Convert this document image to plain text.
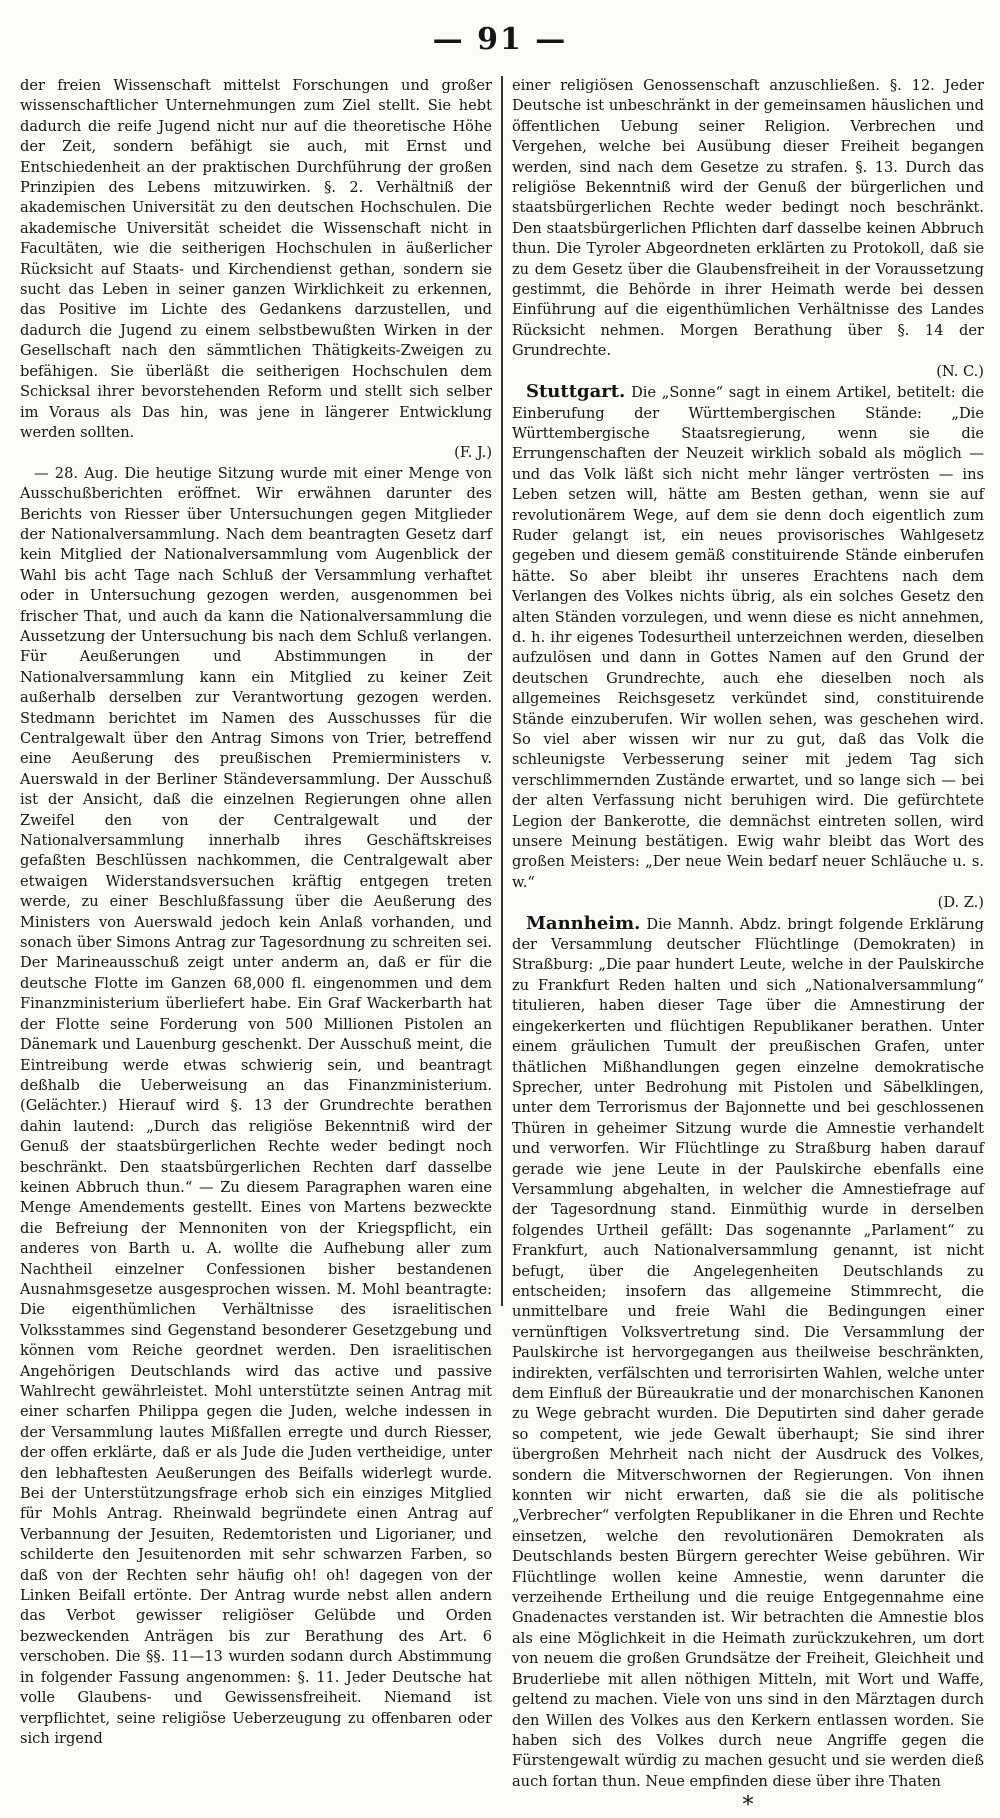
— 91 —

der freien Wissenschaft mittelst Forschungen und großer wissenschaftlicher Unternehmungen zum Ziel stellt. Sie hebt dadurch die reife Jugend nicht nur auf die theoretische Höhe der Zeit, sondern befähigt sie auch, mit Ernst und Entschiedenheit an der praktischen Durchführung der großen Prinzipien des Lebens mitzuwirken. §. 2. Verhältniß der akademischen Universität zu den deutschen Hochschulen. Die akademische Universität scheidet die Wissenschaft nicht in Facultäten, wie die seitherigen Hochschulen in äußerlicher Rücksicht auf Staats- und Kirchendienst gethan, sondern sie sucht das Leben in seiner ganzen Wirklichkeit zu erkennen, das Positive im Lichte des Gedankens darzustellen, und dadurch die Jugend zu einem selbstbewußten Wirken in der Gesellschaft nach den sämmtlichen Thätigkeits-Zweigen zu befähigen. Sie überläßt die seitherigen Hochschulen dem Schicksal ihrer bevorstehenden Reform und stellt sich selber im Voraus als Das hin, was jene in längerer Entwicklung werden sollten.

(F. J.)

— 28. Aug. Die heutige Sitzung wurde mit einer Menge von Ausschußberichten eröffnet. Wir erwähnen darunter des Berichts von Riesser über Untersuchungen gegen Mitglieder der Nationalversammlung. Nach dem beantragten Gesetz darf kein Mitglied der Nationalversammlung vom Augenblick der Wahl bis acht Tage nach Schluß der Versammlung verhaftet oder in Untersuchung gezogen werden, ausgenommen bei frischer That, und auch da kann die Nationalversammlung die Aussetzung der Untersuchung bis nach dem Schluß verlangen. Für Aeußerungen und Abstimmungen in der Nationalversammlung kann ein Mitglied zu keiner Zeit außerhalb derselben zur Verantwortung gezogen werden. Stedmann berichtet im Namen des Ausschusses für die Centralgewalt über den Antrag Simons von Trier, betreffend eine Aeußerung des preußischen Premierministers v. Auerswald in der Berliner Ständeversammlung. Der Ausschuß ist der Ansicht, daß die einzelnen Regierungen ohne allen Zweifel den von der Centralgewalt und der Nationalversammlung innerhalb ihres Geschäftskreises gefaßten Beschlüssen nachkommen, die Centralgewalt aber etwaigen Widerstandsversuchen kräftig entgegen treten werde, zu einer Beschlußfassung über die Aeußerung des Ministers von Auerswald jedoch kein Anlaß vorhanden, und sonach über Simons Antrag zur Tagesordnung zu schreiten sei. Der Marineausschuß zeigt unter anderm an, daß er für die deutsche Flotte im Ganzen 68,000 fl. eingenommen und dem Finanzministerium überliefert habe. Ein Graf Wackerbarth hat der Flotte seine Forderung von 500 Millionen Pistolen an Dänemark und Lauenburg geschenkt. Der Ausschuß meint, die Eintreibung werde etwas schwierig sein, und beantragt deßhalb die Ueberweisung an das Finanzministerium. (Gelächter.) Hierauf wird §. 13 der Grundrechte berathen dahin lautend: „Durch das religiöse Bekenntniß wird der Genuß der staatsbürgerlichen Rechte weder bedingt noch beschränkt. Den staatsbürgerlichen Rechten darf dasselbe keinen Abbruch thun.“ — Zu diesem Paragraphen waren eine Menge Amendements gestellt. Eines von Martens bezweckte die Befreiung der Mennoniten von der Kriegspflicht, ein anderes von Barth u. A. wollte die Aufhebung aller zum Nachtheil einzelner Confessionen bisher bestandenen Ausnahmsgesetze ausgesprochen wissen. M. Mohl beantragte: Die eigenthümlichen Verhältnisse des israelitischen Volksstammes sind Gegenstand besonderer Gesetzgebung und können vom Reiche geordnet werden. Den israelitischen Angehörigen Deutschlands wird das active und passive Wahlrecht gewährleistet. Mohl unterstützte seinen Antrag mit einer scharfen Philippa gegen die Juden, welche indessen in der Versammlung lautes Mißfallen erregte und durch Riesser, der offen erklärte, daß er als Jude die Juden vertheidige, unter den lebhaftesten Aeußerungen des Beifalls widerlegt wurde. Bei der Unterstützungsfrage erhob sich ein einziges Mitglied für Mohls Antrag. Rheinwald begründete einen Antrag auf Verbannung der Jesuiten, Redemtoristen und Ligorianer, und schilderte den Jesuitenorden mit sehr schwarzen Farben, so daß von der Rechten sehr häufig oh! oh! dagegen von der Linken Beifall ertönte. Der Antrag wurde nebst allen andern das Verbot gewisser religiöser Gelübde und Orden bezweckenden Anträgen bis zur Berathung des Art. 6 verschoben. Die §§. 11—13 wurden sodann durch Abstimmung in folgender Fassung angenommen: §. 11. Jeder Deutsche hat volle Glaubens- und Gewissensfreiheit. Niemand ist verpflichtet, seine religiöse Ueberzeugung zu offenbaren oder sich irgend

einer religiösen Genossenschaft anzuschließen. §. 12. Jeder Deutsche ist unbeschränkt in der gemeinsamen häuslichen und öffentlichen Uebung seiner Religion. Verbrechen und Vergehen, welche bei Ausübung dieser Freiheit begangen werden, sind nach dem Gesetze zu strafen. §. 13. Durch das religiöse Bekenntniß wird der Genuß der bürgerlichen und staatsbürgerlichen Rechte weder bedingt noch beschränkt. Den staatsbürgerlichen Pflichten darf dasselbe keinen Abbruch thun. Die Tyroler Abgeordneten erklärten zu Protokoll, daß sie zu dem Gesetz über die Glaubensfreiheit in der Voraussetzung gestimmt, die Behörde in ihrer Heimath werde bei dessen Einführung auf die eigenthümlichen Verhältnisse des Landes Rücksicht nehmen. Morgen Berathung über §. 14 der Grundrechte.

(N. C.)

Stuttgart. Die „Sonne“ sagt in einem Artikel, betitelt: die Einberufung der Württembergischen Stände: „Die Württembergische Staatsregierung, wenn sie die Errungenschaften der Neuzeit wirklich sobald als möglich — und das Volk läßt sich nicht mehr länger vertrösten — ins Leben setzen will, hätte am Besten gethan, wenn sie auf revolutionärem Wege, auf dem sie denn doch eigentlich zum Ruder gelangt ist, ein neues provisorisches Wahlgesetz gegeben und diesem gemäß constituirende Stände einberufen hätte. So aber bleibt ihr unseres Erachtens nach dem Verlangen des Volkes nichts übrig, als ein solches Gesetz den alten Ständen vorzulegen, und wenn diese es nicht annehmen, d. h. ihr eigenes Todesurtheil unterzeichnen werden, dieselben aufzulösen und dann in Gottes Namen auf den Grund der deutschen Grundrechte, auch ehe dieselben noch als allgemeines Reichsgesetz verkündet sind, constituirende Stände einzuberufen. Wir wollen sehen, was geschehen wird. So viel aber wissen wir nur zu gut, daß das Volk die schleunigste Verbesserung seiner mit jedem Tag sich verschlimmernden Zustände erwartet, und so lange sich — bei der alten Verfassung nicht beruhigen wird. Die gefürchtete Legion der Bankerotte, die demnächst eintreten sollen, wird unsere Meinung bestätigen. Ewig wahr bleibt das Wort des großen Meisters: „Der neue Wein bedarf neuer Schläuche u. s. w.“

(D. Z.)

Mannheim. Die Mannh. Abdz. bringt folgende Erklärung der Versammlung deutscher Flüchtlinge (Demokraten) in Straßburg: „Die paar hundert Leute, welche in der Paulskirche zu Frankfurt Reden halten und sich „Nationalversammlung“ titulieren, haben dieser Tage über die Amnestirung der eingekerkerten und flüchtigen Republikaner berathen. Unter einem gräulichen Tumult der preußischen Grafen, unter thätlichen Mißhandlungen gegen einzelne demokratische Sprecher, unter Bedrohung mit Pistolen und Säbelklingen, unter dem Terrorismus der Bajonnette und bei geschlossenen Thüren in geheimer Sitzung wurde die Amnestie verhandelt und verworfen. Wir Flüchtlinge zu Straßburg haben darauf gerade wie jene Leute in der Paulskirche ebenfalls eine Versammlung abgehalten, in welcher die Amnestiefrage auf der Tagesordnung stand. Einmüthig wurde in derselben folgendes Urtheil gefällt: Das sogenannte „Parlament“ zu Frankfurt, auch Nationalversammlung genannt, ist nicht befugt, über die Angelegenheiten Deutschlands zu entscheiden; insofern das allgemeine Stimmrecht, die unmittelbare und freie Wahl die Bedingungen einer vernünftigen Volksvertretung sind. Die Versammlung der Paulskirche ist hervorgegangen aus theilweise beschränkten, indirekten, verfälschten und terrorisirten Wahlen, welche unter dem Einfluß der Büreaukratie und der monarchischen Kanonen zu Wege gebracht wurden. Die Deputirten sind daher gerade so competent, wie jede Gewalt überhaupt; Sie sind ihrer übergroßen Mehrheit nach nicht der Ausdruck des Volkes, sondern die Mitverschwornen der Regierungen. Von ihnen konnten wir nicht erwarten, daß sie die als politische „Verbrecher“ verfolgten Republikaner in die Ehren und Rechte einsetzen, welche den revolutionären Demokraten als Deutschlands besten Bürgern gerechter Weise gebühren. Wir Flüchtlinge wollen keine Amnestie, wenn darunter die verzeihende Ertheilung und die reuige Entgegennahme eine Gnadenactes verstanden ist. Wir betrachten die Amnestie blos als eine Möglichkeit in die Heimath zurückzukehren, um dort von neuem die großen Grundsätze der Freiheit, Gleichheit und Bruderliebe mit allen nöthigen Mitteln, mit Wort und Waffe, geltend zu machen. Viele von uns sind in den Märztagen durch den Willen des Volkes aus den Kerkern entlassen worden. Sie haben sich des Volkes durch neue Angriffe gegen die Fürstengewalt würdig zu machen gesucht und sie werden dieß auch fortan thun. Neue empfinden diese über ihre Thaten

*
